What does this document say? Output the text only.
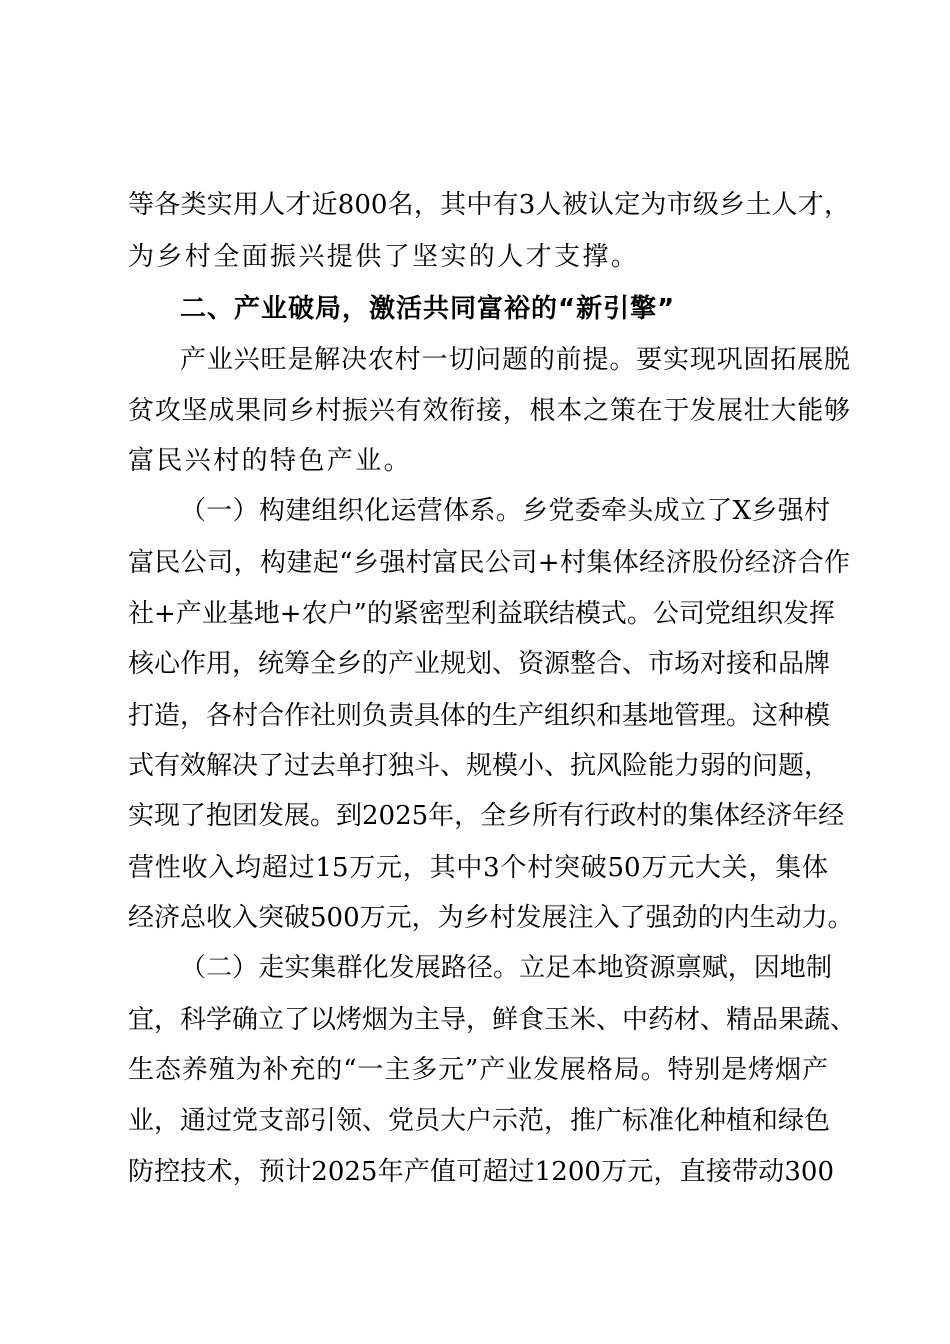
等各类实用人才近800名，其中有3人被认定为市级乡土人才，
为乡村全面振兴提供了坚实的人才支撑。
二、产业破局，激活共同富裕的“新引擎”
产业兴旺是解决农村一切问题的前提。要实现巩固拓展脱
贫攻坚成果同乡村振兴有效衔接，根本之策在于发展壮大能够
富民兴村的特色产业。
（一）构建组织化运营体系。乡党委牵头成立了X乡强村
富民公司，构建起“乡强村富民公司+村集体经济股份经济合作
社+产业基地+农户”的紧密型利益联结模式。公司党组织发挥
核心作用，统筹全乡的产业规划、资源整合、市场对接和品牌
打造，各村合作社则负责具体的生产组织和基地管理。这种模
式有效解决了过去单打独斗、规模小、抗风险能力弱的问题，
实现了抱团发展。到2025年，全乡所有行政村的集体经济年经
营性收入均超过15万元，其中3个村突破50万元大关，集体
经济总收入突破500万元，为乡村发展注入了强劲的内生动力。
（二）走实集群化发展路径。立足本地资源禀赋，因地制
宜，科学确立了以烤烟为主导，鲜食玉米、中药材、精品果蔬、
生态养殖为补充的“一主多元”产业发展格局。特别是烤烟产
业，通过党支部引领、党员大户示范，推广标准化种植和绿色
防控技术，预计2025年产值可超过1200万元，直接带动300
